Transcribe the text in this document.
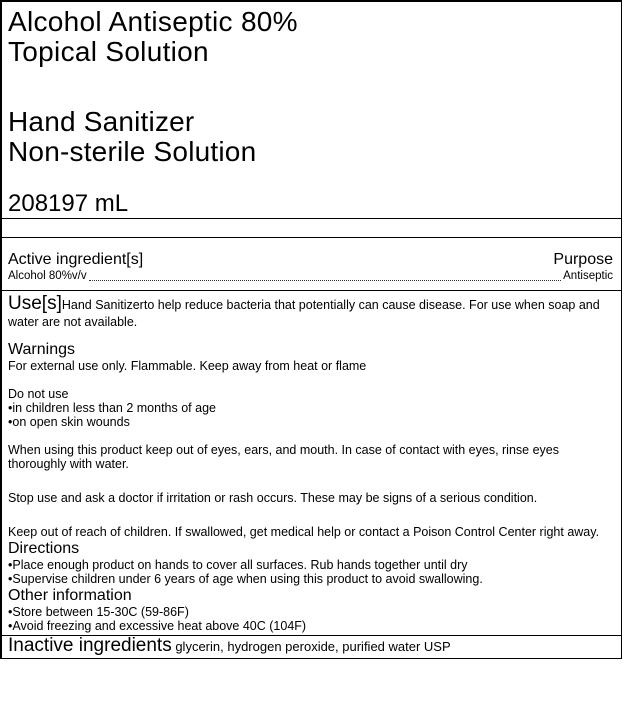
Alcohol Antiseptic 80%
Topical Solution
Hand Sanitizer
Non-sterile Solution
208197 mL
Active ingredient[s]	Purpose
Alcohol 80%v/v	Antiseptic

Use[s]Hand Sanitizerto help reduce bacteria that potentially can cause disease. For use when soap and water are not available.

Warnings

For external use only. Flammable. Keep away from heat or flame

Do not use
•in children less than 2 months of age
•on open skin wounds

When using this product keep out of eyes, ears, and mouth. In case of contact with eyes, rinse eyes thoroughly with water.

Stop use and ask a doctor if irritation or rash occurs. These may be signs of a serious condition.

Keep out of reach of children. If swallowed, get medical help or contact a Poison Control Center right away.

Directions
•Place enough product on hands to cover all surfaces. Rub hands together until dry
•Supervise children under 6 years of age when using this product to avoid swallowing.
Other information
•Store between 15-30C (59-86F)
•Avoid freezing and excessive heat above 40C (104F)
Inactive ingredients glycerin, hydrogen peroxide, purified water USP
